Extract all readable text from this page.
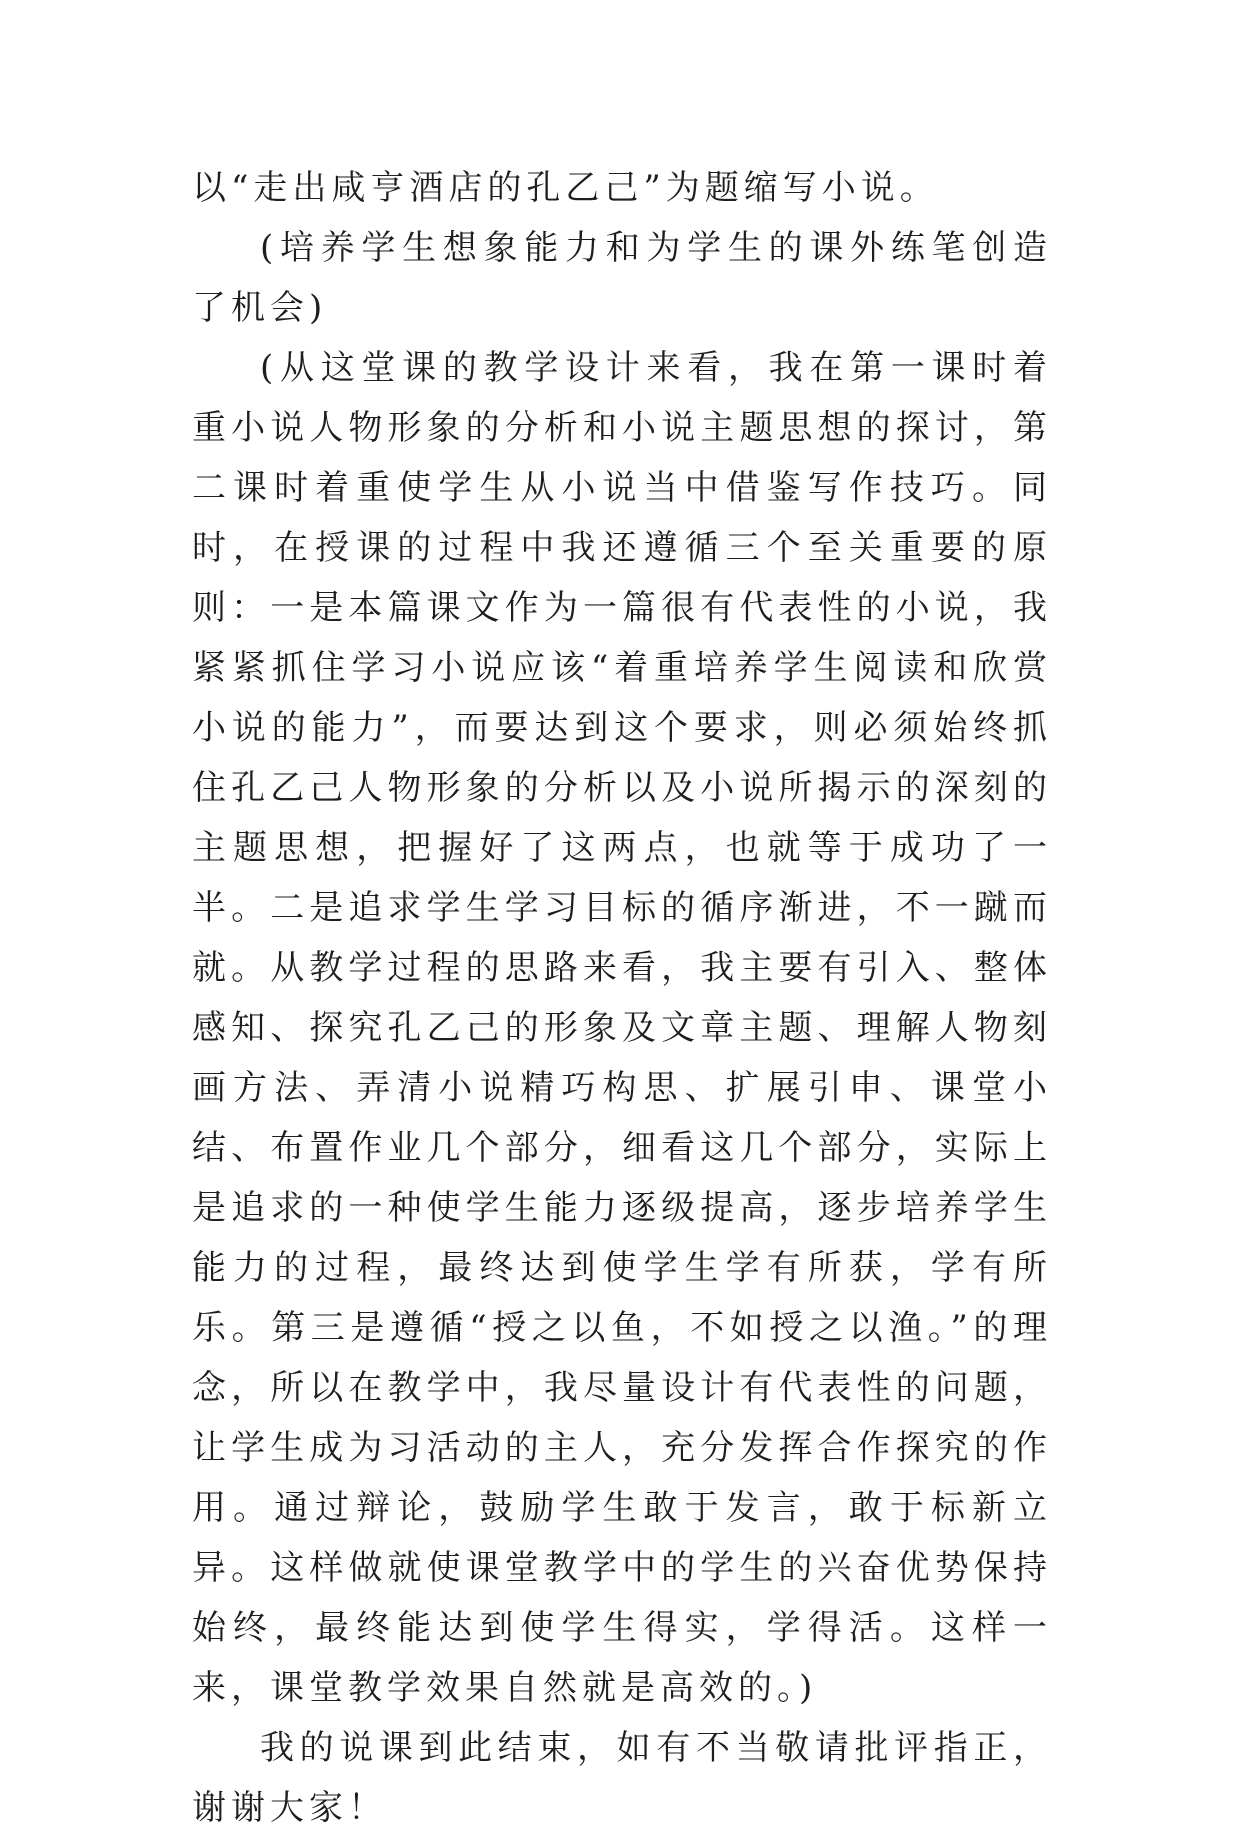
以“走出咸亨酒店的孔乙己”为题缩写小说。

(培养学生想象能力和为学生的课外练笔创造了机会)

(从这堂课的教学设计来看，我在第一课时着重小说人物形象的分析和小说主题思想的探讨，第二课时着重使学生从小说当中借鉴写作技巧。同时，在授课的过程中我还遵循三个至关重要的原则：一是本篇课文作为一篇很有代表性的小说，我紧紧抓住学习小说应该“着重培养学生阅读和欣赏小说的能力”，而要达到这个要求，则必须始终抓住孔乙己人物形象的分析以及小说所揭示的深刻的主题思想，把握好了这两点，也就等于成功了一半。二是追求学生学习目标的循序渐进，不一蹴而就。从教学过程的思路来看，我主要有引入、整体感知、探究孔乙己的形象及文章主题、理解人物刻画方法、弄清小说精巧构思、扩展引申、课堂小结、布置作业几个部分，细看这几个部分，实际上是追求的一种使学生能力逐级提高，逐步培养学生能力的过程，最终达到使学生学有所获，学有所乐。第三是遵循“授之以鱼，不如授之以渔。”的理念，所以在教学中，我尽量设计有代表性的问题，让学生成为习活动的主人，充分发挥合作探究的作用。通过辩论，鼓励学生敢于发言，敢于标新立异。这样做就使课堂教学中的学生的兴奋优势保持始终，最终能达到使学生得实，学得活。这样一来，课堂教学效果自然就是高效的。)

我的说课到此结束，如有不当敬请批评指正，谢谢大家！
